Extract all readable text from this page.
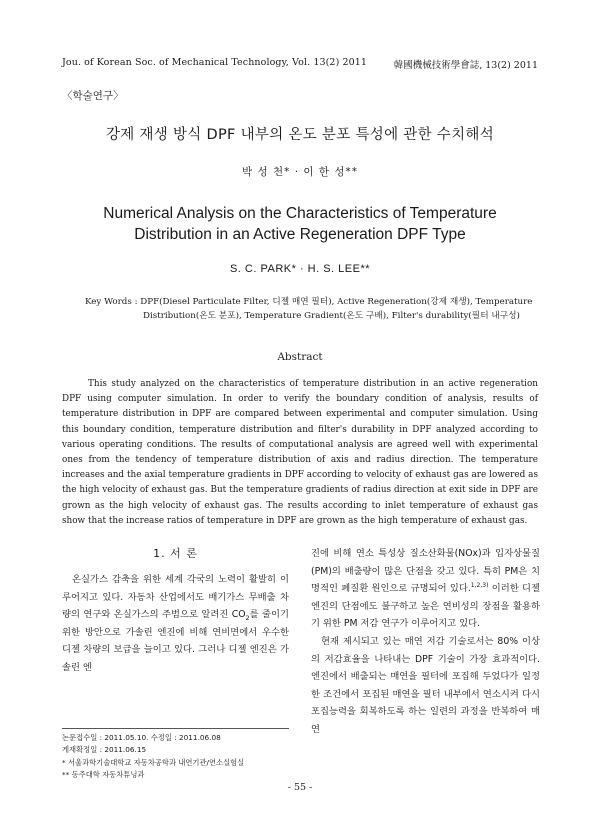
Jou. of Korean Soc. of Mechanical Technology, Vol. 13(2) 2011	韓國機械技術學會誌, 13(2) 2011
〈학술연구〉
강제 재생 방식 DPF 내부의 온도 분포 특성에 관한 수치해석
박 성 천* · 이 한 성**
Numerical Analysis on the Characteristics of Temperature
Distribution in an Active Regeneration DPF Type
S. C. PARK* · H. S. LEE**
Key Words : DPF(Diesel Particulate Filter, 디젤 매연 필터), Active Regeneration(강제 재생), Temperature
Distribution(온도 분포), Temperature Gradient(온도 구배), Filter's durability(필터 내구성)
Abstract

This study analyzed on the characteristics of temperature distribution in an active regeneration DPF using computer simulation. In order to verify the boundary condition of analysis, results of temperature distribution in DPF are compared between experimental and computer simulation. Using this boundary condition, temperature distribution and filter's durability in DPF analyzed according to various operating conditions. The results of computational analysis are agreed well with experimental ones from the tendency of temperature distribution of axis and radius direction. The temperature increases and the axial temperature gradients in DPF according to velocity of exhaust gas are lowered as the high velocity of exhaust gas. But the temperature gradients of radius direction at exit side in DPF are grown as the high velocity of exhaust gas. The results according to inlet temperature of exhaust gas show that the increase ratios of temperature in DPF are grown as the high temperature of exhaust gas.

1. 서 론

온실가스 감축을 위한 세계 각국의 노력이 활발히 이루어지고 있다. 자동차 산업에서도 배기가스 무배출 차량의 연구와 온실가스의 주범으로 알려진 $CO_2$를 줄이기 위한 방안으로 가솔린 엔진에 비해 연비면에서 우수한 디젤 차량의 보급을 늘이고 있다. 그러나 디젤 엔진은 가솔린 엔

진에 비해 연소 특성상 질소산화물(NOx)과 입자상물질(PM)의 배출량이 많은 단점을 갖고 있다. 특히 PM은 치명적인 폐질환 원인으로 규명되어 있다.$^{1,2,3)}$ 이러한 디젤엔진의 단점에도 불구하고 높은 연비성의 장점을 활용하기 위한 PM 저감 연구가 이루어지고 있다.

현재 제시되고 있는 매연 저감 기술로서는 80% 이상의 저감효율을 나타내는 DPF 기술이 가장 효과적이다. 엔진에서 배출되는 매연을 필터에 포집해 두었다가 일정한 조건에서 포집된 매연을 필터 내부에서 연소시켜 다시 포집능력을 회복하도록 하는 일련의 과정을 반복하여 매연

논문접수일 : 2011.05.10. 수정일 : 2011.06.08
게재확정일 : 2011.06.15
* 서울과학기술대학교 자동차공학과 내연기관/연소실험실
** 동주대학 자동차튜닝과
- 55 -
